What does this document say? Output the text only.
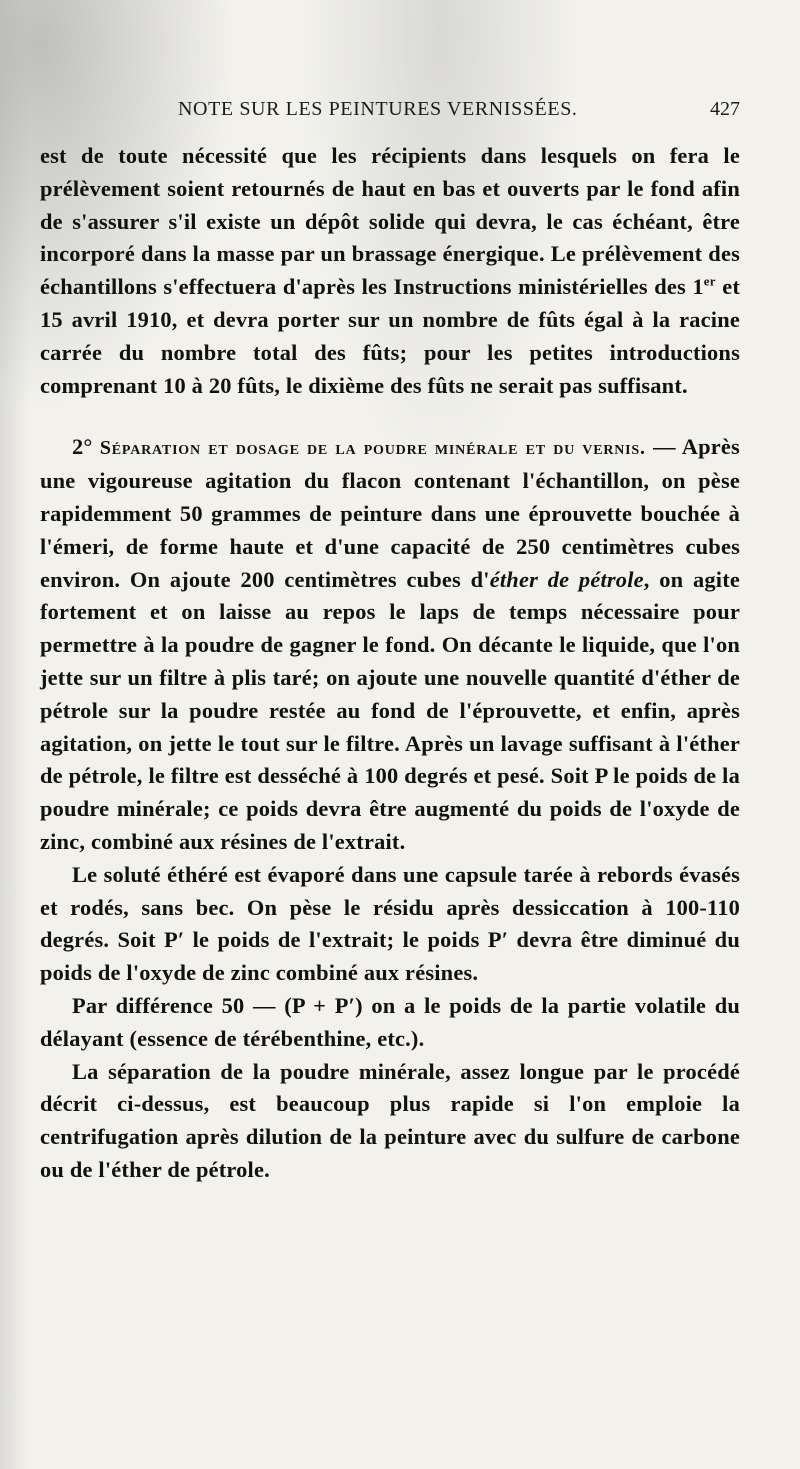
NOTE SUR LES PEINTURES VERNISSÉES.	427

est de toute nécessité que les récipients dans lesquels on fera le prélèvement soient retournés de haut en bas et ouverts par le fond afin de s'assurer s'il existe un dépôt solide qui devra, le cas échéant, être incorporé dans la masse par un brassage énergique. Le prélèvement des échantillons s'effectuera d'après les Instructions ministérielles des 1er et 15 avril 1910, et devra porter sur un nombre de fûts égal à la racine carrée du nombre total des fûts; pour les petites introductions comprenant 10 à 20 fûts, le dixième des fûts ne serait pas suffisant.

2° Séparation et dosage de la poudre minérale et du vernis. — Après une vigoureuse agitation du flacon contenant l'échantillon, on pèse rapidemment 50 grammes de peinture dans une éprouvette bouchée à l'émeri, de forme haute et d'une capacité de 250 centimètres cubes environ. On ajoute 200 centimètres cubes d'éther de pétrole, on agite fortement et on laisse au repos le laps de temps nécessaire pour permettre à la poudre de gagner le fond. On décante le liquide, que l'on jette sur un filtre à plis taré; on ajoute une nouvelle quantité d'éther de pétrole sur la poudre restée au fond de l'éprouvette, et enfin, après agitation, on jette le tout sur le filtre. Après un lavage suffisant à l'éther de pétrole, le filtre est desséché à 100 degrés et pesé. Soit P le poids de la poudre minérale; ce poids devra être augmenté du poids de l'oxyde de zinc, combiné aux résines de l'extrait.

Le soluté éthéré est évaporé dans une capsule tarée à rebords évasés et rodés, sans bec. On pèse le résidu après dessiccation à 100-110 degrés. Soit P′ le poids de l'extrait; le poids P′ devra être diminué du poids de l'oxyde de zinc combiné aux résines.

Par différence 50 — (P + P′) on a le poids de la partie volatile du délayant (essence de térébenthine, etc.).

La séparation de la poudre minérale, assez longue par le procédé décrit ci-dessus, est beaucoup plus rapide si l'on emploie la centrifugation après dilution de la peinture avec du sulfure de carbone ou de l'éther de pétrole.
